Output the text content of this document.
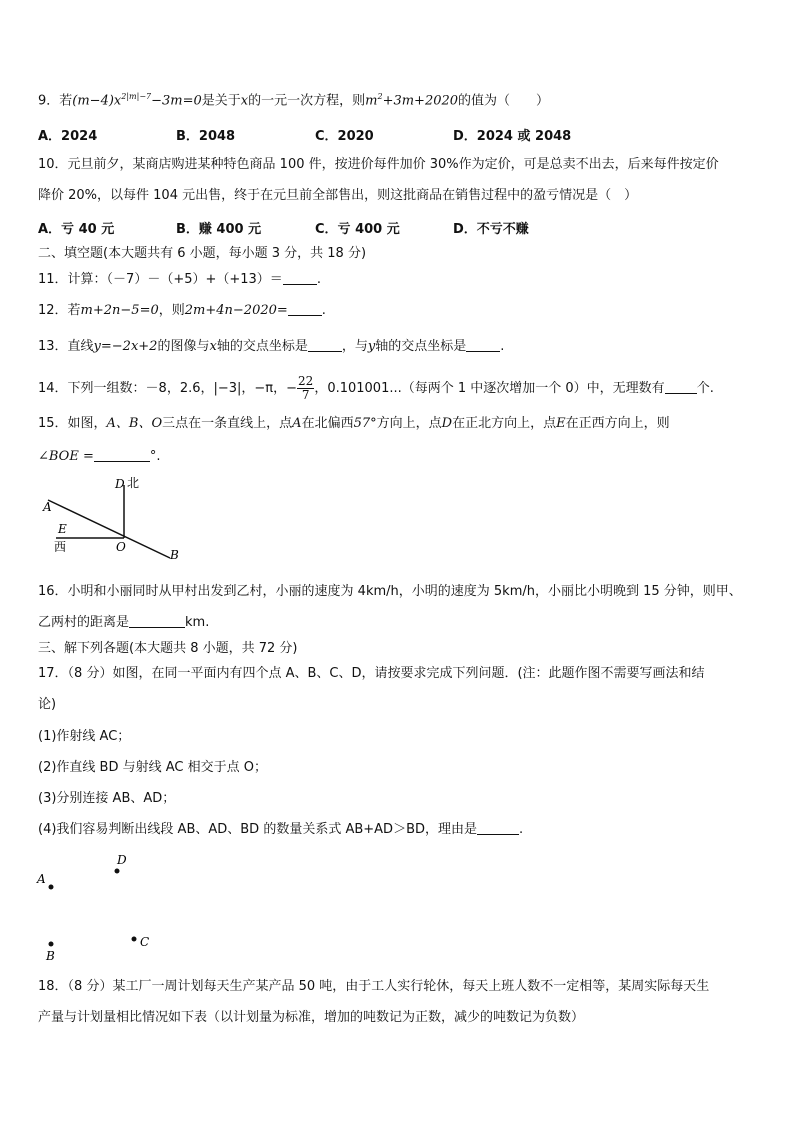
9．若$(m-4)x^{2|m|-7}-3m=0$是关于x的一元一次方程，则$m^2+3m+2020$的值为（　　）
A．2024	B．2048	C．2020	D．2024 或 2048
10．元旦前夕，某商店购进某种特色商品 100 件，按进价每件加价 30%作为定价，可是总卖不出去，后来每件按定价
降价 20%，以每件 104 元出售，终于在元旦前全部售出，则这批商品在销售过程中的盈亏情况是（　）
A．亏 40 元	B．赚 400 元	C．亏 400 元	D．不亏不赚
二、填空题(本大题共有 6 小题，每小题 3 分，共 18 分)
11．计算：（－7）－（+5）+（+13）＝	.
12．若m+2n−5=0，则2m+4n−2020=	.
13．直线y=−2x+2的图像与x轴的交点坐标是	，与y轴的交点坐标是	.
14．下列一组数：－8，2.6，|−3|，−π，− $\frac{22}{7}$ ，0.101001...（每两个 1 中逐次增加一个 0）中，无理数有 个.
15．如图，A、B、O三点在一条直线上，点A在北偏西57°方向上，点D在正北方向上，点E在正西方向上，则
∠BOE =	°.
A
D 北
E
西	O
B
16．小明和小丽同时从甲村出发到乙村，小丽的速度为 4km/h，小明的速度为 5km/h，小丽比小明晚到 15 分钟，则甲、
乙两村的距离是	km.
三、解下列各题(本大题共 8 小题，共 72 分)
17．（8 分）如图，在同一平面内有四个点 A、B、C、D，请按要求完成下列问题．(注：此题作图不需要写画法和结
论)
(1)作射线 AC；
(2)作直线 BD 与射线 AC 相交于点 O；
(3)分别连接 AB、AD；
(4)我们容易判断出线段 AB、AD、BD 的数量关系式 AB+AD＞BD，理由是	.
A
D
B
C
18．（8 分）某工厂一周计划每天生产某产品 50 吨，由于工人实行轮休，每天上班人数不一定相等，某周实际每天生
产量与计划量相比情况如下表（以计划量为标准，增加的吨数记为正数，减少的吨数记为负数）
